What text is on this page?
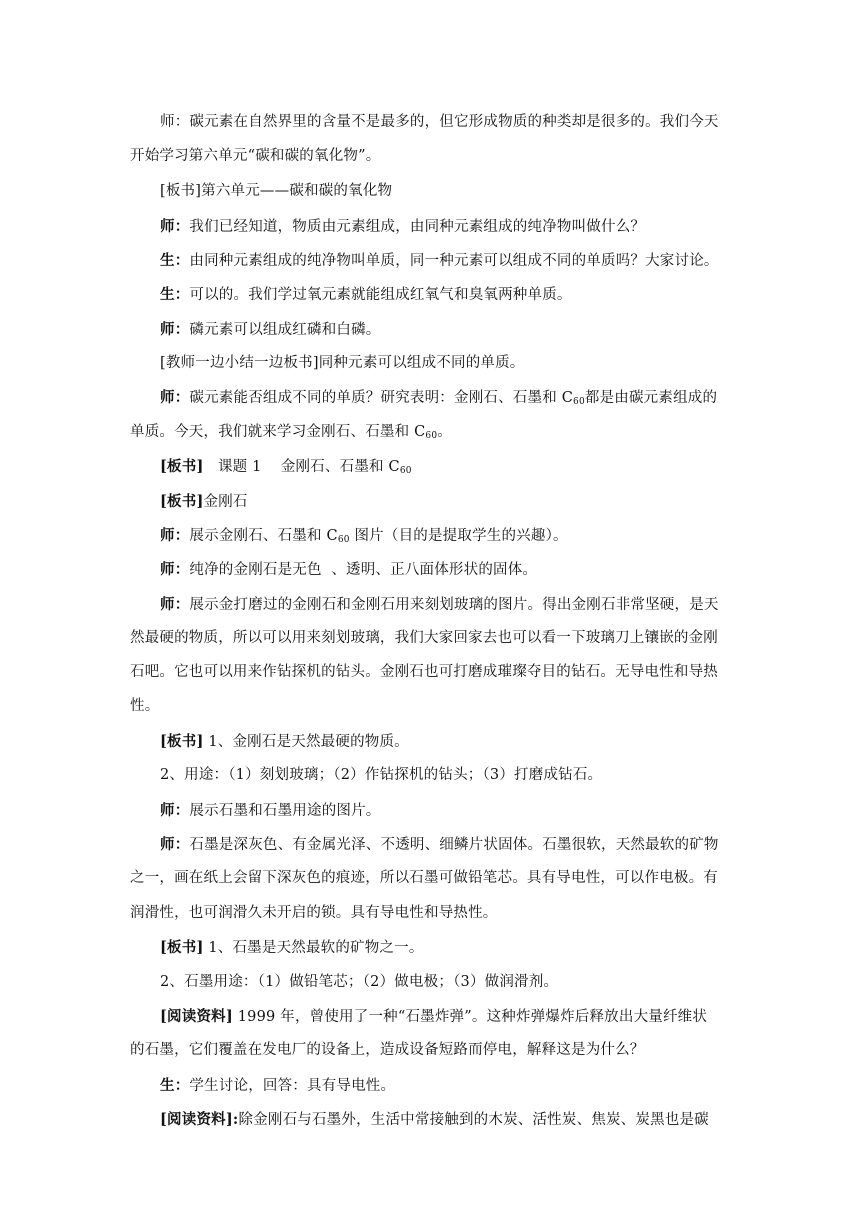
师：碳元素在自然界里的含量不是最多的，但它形成物质的种类却是很多的。我们今天
开始学习第六单元“碳和碳的氧化物”。
[板书]第六单元——碳和碳的氧化物
师：我们已经知道，物质由元素组成，由同种元素组成的纯净物叫做什么？
生：由同种元素组成的纯净物叫单质，同一种元素可以组成不同的单质吗？大家讨论。
生：可以的。我们学过氧元素就能组成红氧气和臭氧两种单质。
师：磷元素可以组成红磷和白磷。
[教师一边小结一边板书]同种元素可以组成不同的单质。
师：碳元素能否组成不同的单质？研究表明：金刚石、石墨和 $C_{60}$都是由碳元素组成的
单质。今天，我们就来学习金刚石、石墨和 $C_{60}$。
[板书]   课题 1    金刚石、石墨和 $C_{60}$
[板书]金刚石
师：展示金刚石、石墨和 $C_{60}$ 图片（目的是提取学生的兴趣）。
师：纯净的金刚石是无色  、透明、正八面体形状的固体。
师：展示金打磨过的金刚石和金刚石用来刻划玻璃的图片。得出金刚石非常坚硬，是天
然最硬的物质，所以可以用来刻划玻璃，我们大家回家去也可以看一下玻璃刀上镶嵌的金刚
石吧。它也可以用来作钻探机的钻头。金刚石也可打磨成璀璨夺目的钻石。无导电性和导热
性。
[板书] 1、金刚石是天然最硬的物质。
2、用途：（1）刻划玻璃；（2）作钻探机的钻头；（3）打磨成钻石。
师：展示石墨和石墨用途的图片。
师：石墨是深灰色、有金属光泽、不透明、细鳞片状固体。石墨很软，天然最软的矿物
之一，画在纸上会留下深灰色的痕迹，所以石墨可做铅笔芯。具有导电性，可以作电极。有
润滑性，也可润滑久未开启的锁。具有导电性和导热性。
[板书] 1、石墨是天然最软的矿物之一。
2、石墨用途：（1）做铅笔芯；（2）做电极；（3）做润滑剂。
[阅读资料] 1999 年，曾使用了一种“石墨炸弹”。这种炸弹爆炸后释放出大量纤维状
的石墨，它们覆盖在发电厂的设备上，造成设备短路而停电，解释这是为什么？
生：学生讨论，回答：具有导电性。
[阅读资料]:除金刚石与石墨外，生活中常接触到的木炭、活性炭、焦炭、炭黑也是碳
